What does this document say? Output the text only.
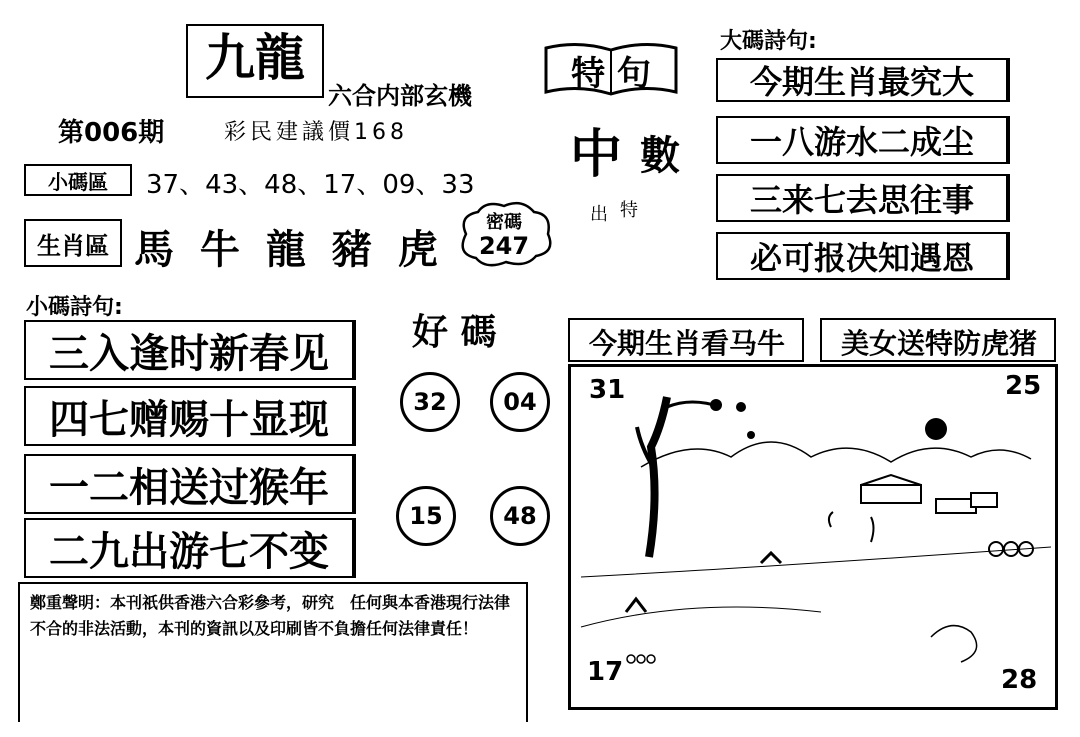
九龍
六合内部玄機
第006期	彩民建議價168
小碼區	37、43、48、17、09、33
生肖區 馬 牛 龍 豬 虎
特 句
中 數
出 特
密碼
247
大碼詩句:
今期生肖最究大
一八游水二成尘
三来七去思往事
必可报决知遇恩
小碼詩句:
三入逢时新春见
四七赠赐十显现
一二相送过猴年
二九出游七不变
好 碼
32	04
15	48
今期生肖看马牛	美女送特防虎猪
31	25
17	28
鄭重聲明：本刊祇供香港六合彩參考，研究　任何與本香港現行法律不合的非法活動，本刊的資訊以及印刷皆不負擔任何法律責任！
